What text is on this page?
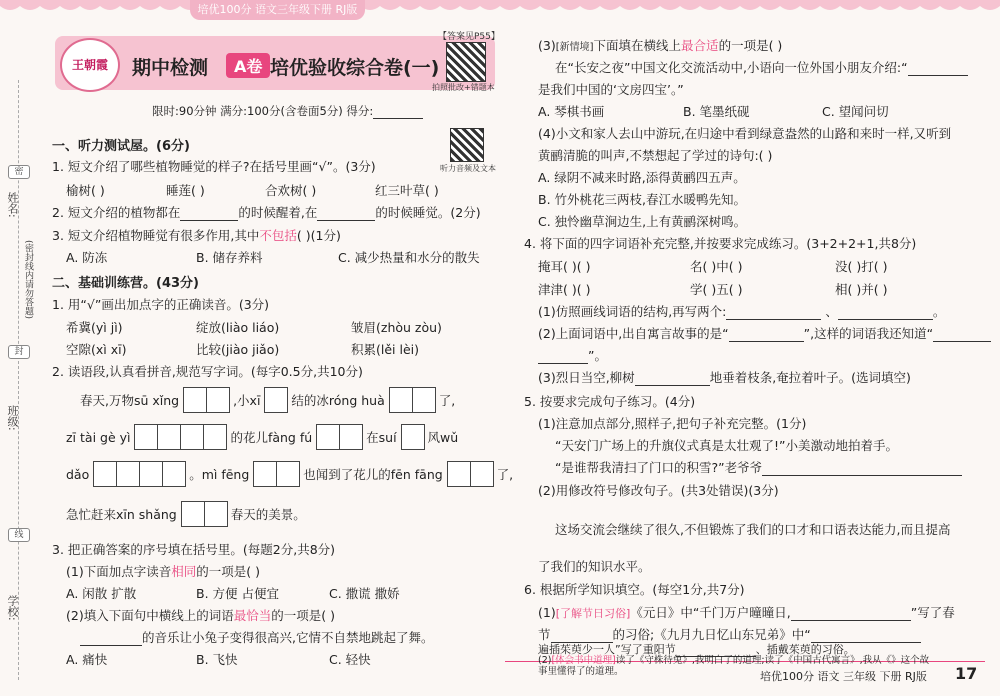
培优100分 语文三年级下册 RJ版
姓名:
(密封线内请勿答题)
密
封
线
班级:
学校:
王朝霞	期中检测	A卷 培优验收综合卷(一)
【答案见P55】
拍照批改+错题本
限时:90分钟 满分:100分(含卷面5分) 得分:
一、听力测试屋。(6分)
听力音频及文本
1. 短文介绍了哪些植物睡觉的样子?在括号里画“√”。(3分)
榆树( )	睡莲( )	合欢树( )	红三叶草( )
2. 短文介绍的植物都在	的时候醒着,在	的时候睡觉。(2分)
3. 短文介绍植物睡觉有很多作用,其中不包括( )(1分)
A. 防冻	B. 储存养料	C. 减少热量和水分的散失
二、基础训练营。(43分)
1. 用“√”画出加点字的正确读音。(3分)
希冀(yì jì)	绽放(liào liáo)	皱眉(zhòu zòu)
空隙(xì xī)	比较(jiào jiǎo)	积累(lěi lèi)
2. 读语段,认真看拼音,规范写字词。(每字0.5分,共10分)
春天,万物sū xǐng	,小xī 结的冰róng huà	了,
zī tài gè yì	的花儿fàng fú	在suí 风wǔ
dǎo	。mì fēng	也闻到了花儿的fēn fāng	了,
急忙赶来xīn shǎng	春天的美景。
3. 把正确答案的序号填在括号里。(每题2分,共8分)
(1)下面加点字读音相同的一项是( )
A. 闲散 扩散	B. 方便 占便宜	C. 撒谎 撒娇
(2)填入下面句中横线上的词语最恰当的一项是( )
的音乐让小兔子变得很高兴,它情不自禁地跳起了舞。
A. 痛快	B. 飞快	C. 轻快
(3)[新情境]下面填在横线上最合适的一项是( )
在“长安之夜”中国文化交流活动中,小语向一位外国小朋友介绍:“
是我们中国的‘文房四宝’。”
A. 琴棋书画	B. 笔墨纸砚	C. 望闻问切
(4)小文和家人去山中游玩,在归途中看到绿意盎然的山路和来时一样,又听到
黄鹂清脆的叫声,不禁想起了学过的诗句:( )
A. 绿阴不减来时路,添得黄鹂四五声。
B. 竹外桃花三两枝,春江水暖鸭先知。
C. 独怜幽草涧边生,上有黄鹂深树鸣。
4. 将下面的四字词语补充完整,并按要求完成练习。(3+2+2+1,共8分)
掩耳( )( )	名( )中( )	没( )打( )
津津( )( )	学( )五( )	相( )并( )
(1)仿照画线词语的结构,再写两个:	、	。
(2)上面词语中,出自寓言故事的是“	”,这样的词语我还知道“
”。
(3)烈日当空,柳树	地垂着枝条,奄拉着叶子。(选词填空)
5. 按要求完成句子练习。(4分)
(1)注意加点部分,照样子,把句子补充完整。(1分)
“天安门广场上的升旗仪式真是太壮观了!”小美激动地拍着手。
“是谁帮我清扫了门口的积雪?”老爷爷
(2)用修改符号修改句子。(共3处错误)(3分)
这场交流会继续了很久,不但锻炼了我们的口才和口语表达能力,而且提高
了我们的知识水平。
6. 根据所学知识填空。(每空1分,共7分)
(1)[了解节日习俗]《元日》中“千门万户曈曈日,	”写了春
节	的习俗;《九月九日忆山东兄弟》中“
遍插茱萸少一人”写了重阳节	、插戴茱萸的习俗。
培优100分 语文 三年级 下册 RJ版 17
(2)[体会书中道理]读了《守株待兔》,我明白了的道理;读了《中国古代寓言》,我从《》这个故事里懂得了的道理。
